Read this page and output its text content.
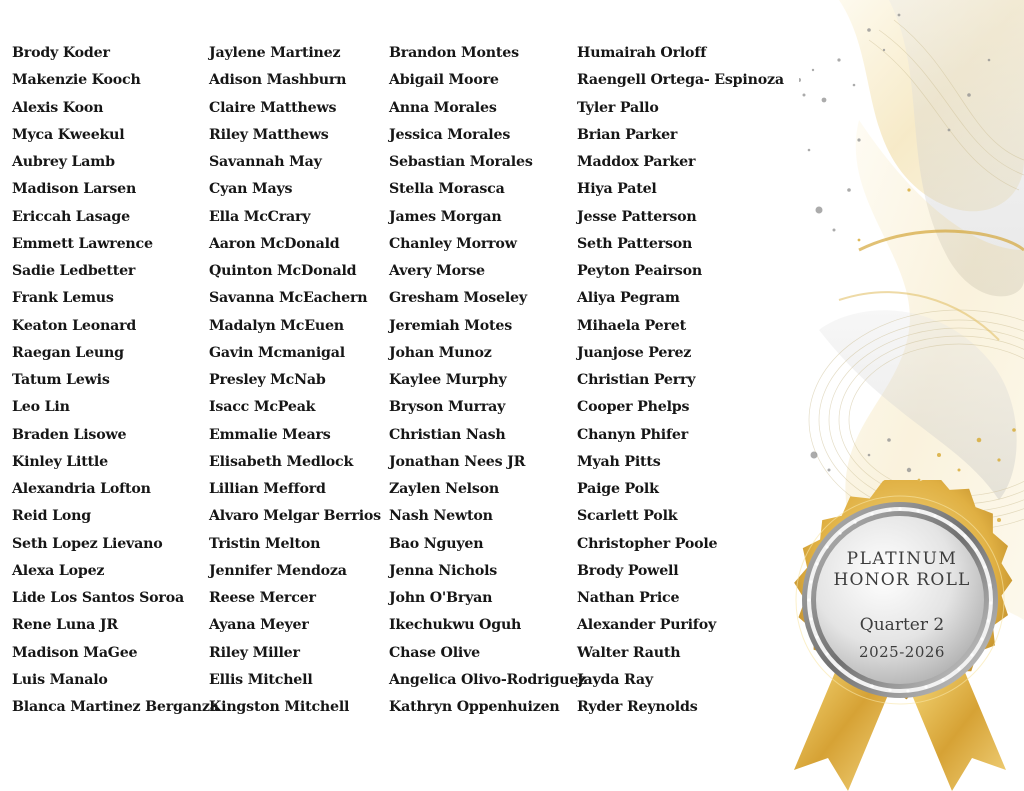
PLATINUM
HONOR ROLL
Quarter 2
2025-2026
Brody Koder
Makenzie Kooch
Alexis Koon
Myca Kweekul
Aubrey Lamb
Madison Larsen
Ericcah Lasage
Emmett Lawrence
Sadie Ledbetter
Frank Lemus
Keaton Leonard
Raegan Leung
Tatum Lewis
Leo Lin
Braden Lisowe
Kinley Little
Alexandria Lofton
Reid Long
Seth Lopez Lievano
Alexa Lopez
Lide Los Santos Soroa
Rene Luna JR
Madison MaGee
Luis Manalo
Blanca Martinez Berganza
Jaylene Martinez
Adison Mashburn
Claire Matthews
Riley Matthews
Savannah May
Cyan Mays
Ella McCrary
Aaron McDonald
Quinton McDonald
Savanna McEachern
Madalyn McEuen
Gavin Mcmanigal
Presley McNab
Isacc McPeak
Emmalie Mears
Elisabeth Medlock
Lillian Mefford
Alvaro Melgar Berrios
Tristin Melton
Jennifer Mendoza
Reese Mercer
Ayana Meyer
Riley Miller
Ellis Mitchell
Kingston Mitchell
Brandon Montes
Abigail Moore
Anna Morales
Jessica Morales
Sebastian Morales
Stella Morasca
James Morgan
Chanley Morrow
Avery Morse
Gresham Moseley
Jeremiah Motes
Johan Munoz
Kaylee Murphy
Bryson Murray
Christian Nash
Jonathan Nees JR
Zaylen Nelson
Nash Newton
Bao Nguyen
Jenna Nichols
John O'Bryan
Ikechukwu Oguh
Chase Olive
Angelica Olivo-Rodriguez
Kathryn Oppenhuizen
Humairah Orloff
Raengell Ortega- Espinoza
Tyler Pallo
Brian Parker
Maddox Parker
Hiya Patel
Jesse Patterson
Seth Patterson
Peyton Peairson
Aliya Pegram
Mihaela Peret
Juanjose Perez
Christian Perry
Cooper Phelps
Chanyn Phifer
Myah Pitts
Paige Polk
Scarlett Polk
Christopher Poole
Brody Powell
Nathan Price
Alexander Purifoy
Walter Rauth
Jayda Ray
Ryder Reynolds
